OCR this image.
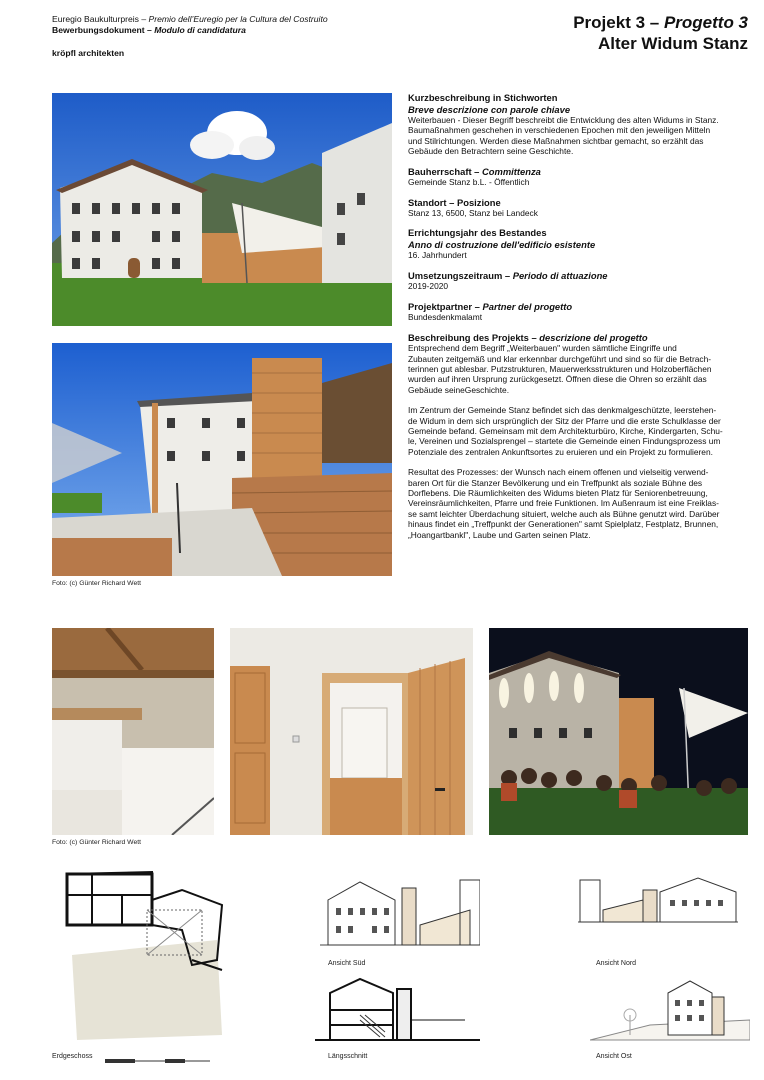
Euregio Baukulturpreis – Premio dell’Euregio per la Cultura del Costruito
Bewerbungsdokument – Modulo di candidatura
kröpfl architekten
Projekt 3 – Progetto 3
Alter Widum Stanz
Foto: (c) Günter Richard Wett
Kurzbeschreibung in Stichworten
Breve descrizione con parole chiave
Weiterbauen - Dieser Begriff beschreibt die Entwicklung des alten Widums in Stanz.
Baumaßnahmen geschehen in verschiedenen Epochen mit den jeweiligen Mitteln
und Stilrichtungen. Werden diese Maßnahmen sichtbar gemacht, so erzählt das
Gebäude den Betrachtern seine Geschichte.
Bauherrschaft – Committenza
Gemeinde Stanz b.L. - Öffentlich
Standort – Posizione
Stanz 13, 6500, Stanz bei Landeck
Errichtungsjahr des Bestandes
Anno di costruzione dell'edificio esistente
16. Jahrhundert
Umsetzungszeitraum – Periodo di attuazione
2019-2020
Projektpartner – Partner del progetto
Bundesdenkmalamt
Beschreibung des Projekts – descrizione del progetto
Entsprechend dem Begriff „Weiterbauen" wurden sämtliche Eingriffe und
Zubauten zeitgemäß und klar erkennbar durchgeführt und sind so für die Betrach-
terinnen gut ablesbar. Putzstrukturen, Mauerwerksstrukturen und Holzoberflächen
wurden auf ihren Ursprung zurückgesetzt. Öffnen diese die Ohren so erzählt das
Gebäude seineGeschichte.
Im Zentrum der Gemeinde Stanz befindet sich das denkmalgeschützte, leerstehen-
de Widum in dem sich ursprünglich der Sitz der Pfarre und die erste Schulklasse der
Gemeinde befand. Gemeinsam mit dem Architekturbüro, Kirche, Kindergarten, Schu-
le, Vereinen und Sozialsprengel – startete die Gemeinde einen Findungsprozess um
Potenziale des zentralen Ankunftsortes zu eruieren und ein Projekt zu formulieren.
Resultat des Prozesses: der Wunsch nach einem offenen und vielseitig verwend-
baren Ort für die Stanzer Bevölkerung und ein Treffpunkt als soziale Bühne des
Dorflebens. Die Räumlichkeiten des Widums bieten Platz für Seniorenbetreuung,
Vereinsräumlichkeiten, Pfarre und freie Funktionen. Im Außenraum ist eine Freiklas-
se samt leichter Überdachung situiert, welche auch als Bühne genutzt wird. Darüber
hinaus findet ein „Treffpunkt der Generationen" samt Spielplatz, Festplatz, Brunnen,
„Hoangartbankl", Laube und Garten seinen Platz.
Foto: (c) Günter Richard Wett
Erdgeschoss
Ansicht Süd	Ansicht Nord
Längsschnitt	Ansicht Ost
